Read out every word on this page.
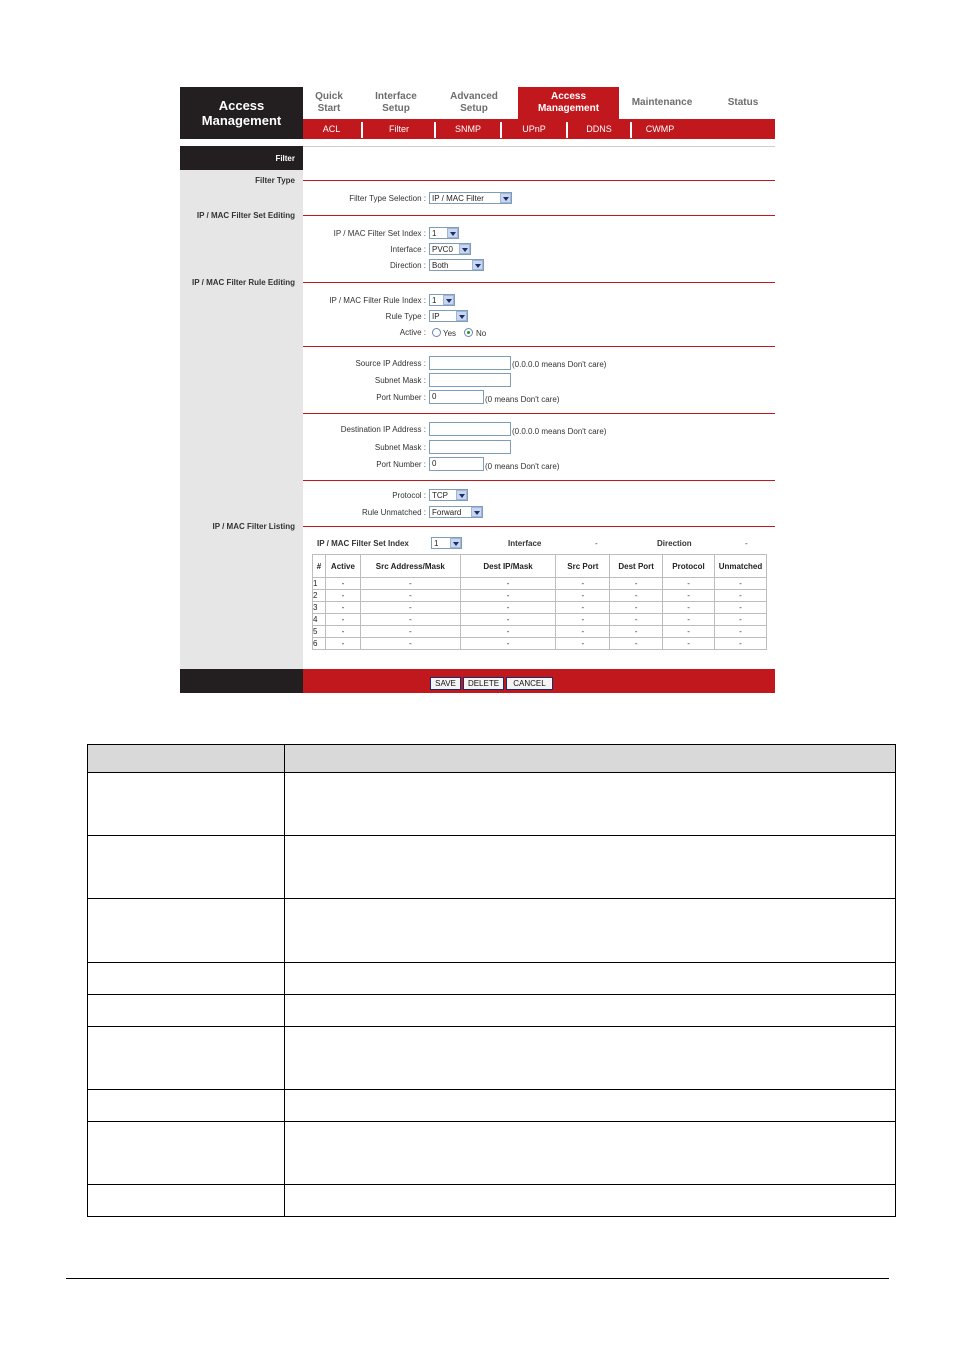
Access
Management
Quick
Start
Interface
Setup
Advanced
Setup
Access
Management
Maintenance	Status
ACL	Filter	SNMP	UPnP	DDNS	CWMP
Filter
Filter Type
IP / MAC Filter Set Editing
IP / MAC Filter Rule Editing
IP / MAC Filter Listing
Filter Type Selection : IP / MAC Filter
IP / MAC Filter Set Index : 1
Interface : PVC0
Direction : Both
IP / MAC Filter Rule Index : 1
Rule Type : IP
Active : Yes No
Source IP Address :	(0.0.0.0 means Don't care)
Subnet Mask :
Port Number : 0	(0 means Don't care)
Destination IP Address :	(0.0.0.0 means Don't care)
Subnet Mask :
Port Number : 0	(0 means Don't care)
Protocol : TCP
Rule Unmatched : Forward
IP / MAC Filter Set Index	1	Interface	-	Direction	-
#	Active	Src Address/Mask	Dest IP/Mask	Src Port	Dest Port	Protocol	Unmatched
1	-	-	-	-	-	-	-
2	-	-	-	-	-	-	-
3	-	-	-	-	-	-	-
4	-	-	-	-	-	-	-
5	-	-	-	-	-	-	-
6	-	-	-	-	-	-	-
SAVE	DELETE	CANCEL
